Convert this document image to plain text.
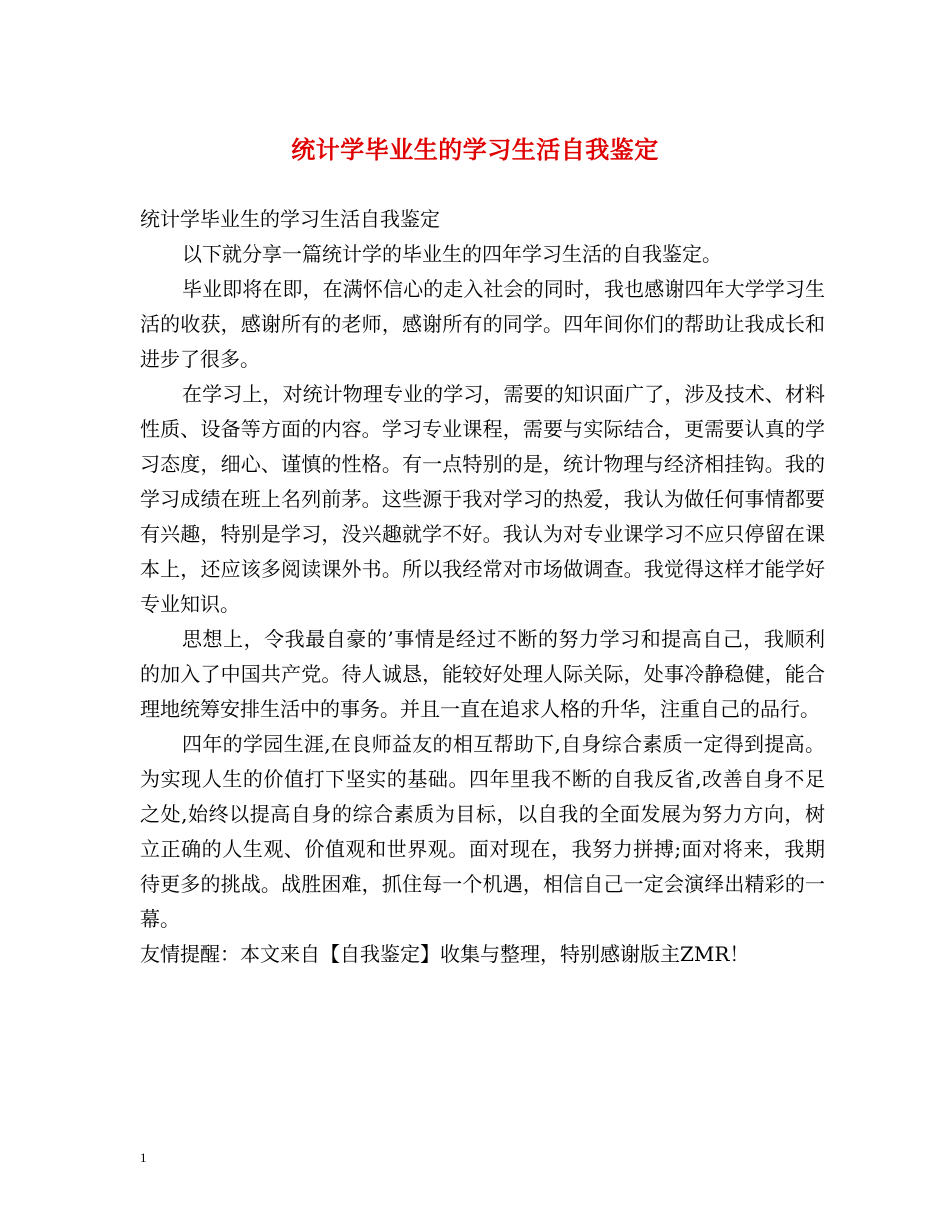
统计学毕业生的学习生活自我鉴定

统计学毕业生的学习生活自我鉴定

以下就分享一篇统计学的毕业生的四年学习生活的自我鉴定。

毕业即将在即，在满怀信心的走入社会的同时，我也感谢四年大学学习生活的收获，感谢所有的老师，感谢所有的同学。四年间你们的帮助让我成长和进步了很多。

在学习上，对统计物理专业的学习，需要的知识面广了，涉及技术、材料性质、设备等方面的内容。学习专业课程，需要与实际结合，更需要认真的学习态度，细心、谨慎的性格。有一点特别的是，统计物理与经济相挂钩。我的学习成绩在班上名列前茅。这些源于我对学习的热爱，我认为做任何事情都要有兴趣，特别是学习，没兴趣就学不好。我认为对专业课学习不应只停留在课本上，还应该多阅读课外书。所以我经常对市场做调查。我觉得这样才能学好专业知识。

思想上，令我最自豪的’事情是经过不断的努力学习和提高自己，我顺利的加入了中国共产党。待人诚恳，能较好处理人际关际，处事冷静稳健，能合理地统筹安排生活中的事务。并且一直在追求人格的升华，注重自己的品行。

四年的学园生涯,在良师益友的相互帮助下,自身综合素质一定得到提高。为实现人生的价值打下坚实的基础。四年里我不断的自我反省,改善自身不足之处,始终以提高自身的综合素质为目标，以自我的全面发展为努力方向，树立正确的人生观、价值观和世界观。面对现在，我努力拼搏;面对将来，我期待更多的挑战。战胜困难，抓住每一个机遇，相信自己一定会演绎出精彩的一幕。

友情提醒：本文来自【自我鉴定】收集与整理，特别感谢版主ZMR！

1
